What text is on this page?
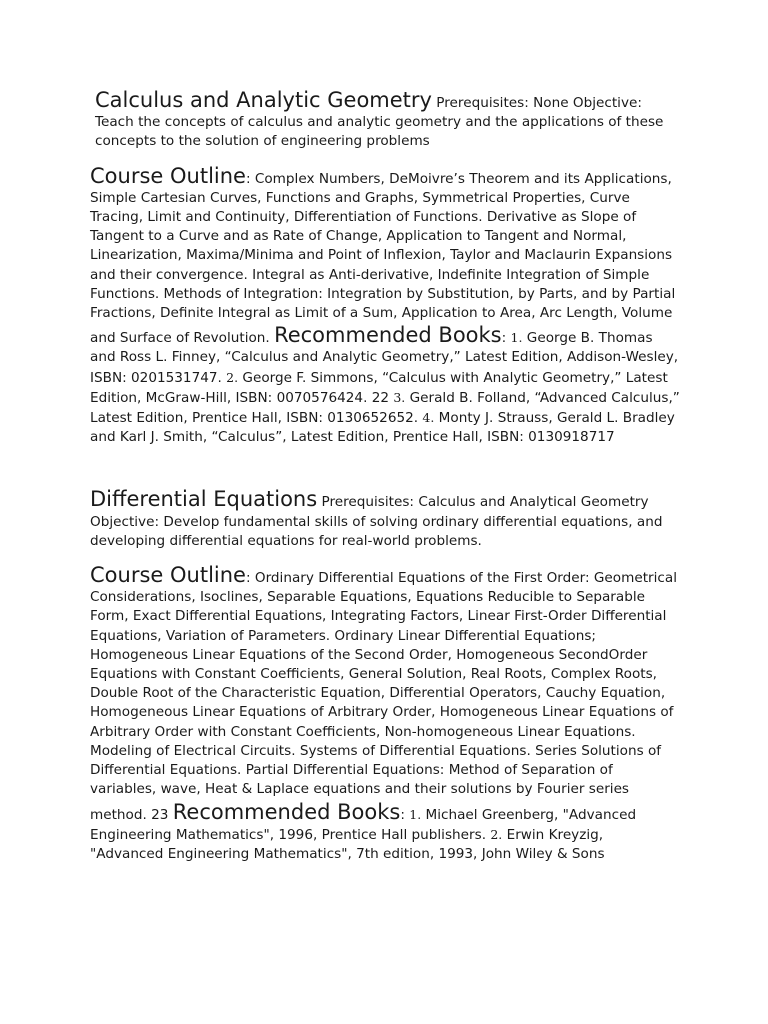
Calculus and Analytic Geometry Prerequisites: None Objective: Teach the concepts of calculus and analytic geometry and the applications of these concepts to the solution of engineering problems

Course Outline: Complex Numbers, DeMoivre’s Theorem and its Applications, Simple Cartesian Curves, Functions and Graphs, Symmetrical Properties, Curve Tracing, Limit and Continuity, Differentiation of Functions. Derivative as Slope of Tangent to a Curve and as Rate of Change, Application to Tangent and Normal, Linearization, Maxima/Minima and Point of Inflexion, Taylor and Maclaurin Expansions and their convergence. Integral as Anti-derivative, Indefinite Integration of Simple Functions. Methods of Integration: Integration by Substitution, by Parts, and by Partial Fractions, Definite Integral as Limit of a Sum, Application to Area, Arc Length, Volume and Surface of Revolution. Recommended Books: 1. George B. Thomas and Ross L. Finney, “Calculus and Analytic Geometry,” Latest Edition, Addison-Wesley, ISBN: 0201531747. 2. George F. Simmons, “Calculus with Analytic Geometry,” Latest Edition, McGraw-Hill, ISBN: 0070576424. 22 3. Gerald B. Folland, “Advanced Calculus,” Latest Edition, Prentice Hall, ISBN: 0130652652. 4. Monty J. Strauss, Gerald L. Bradley and Karl J. Smith, “Calculus”, Latest Edition, Prentice Hall, ISBN: 0130918717

Differential Equations Prerequisites: Calculus and Analytical Geometry Objective: Develop fundamental skills of solving ordinary differential equations, and developing differential equations for real-world problems.

Course Outline: Ordinary Differential Equations of the First Order: Geometrical Considerations, Isoclines, Separable Equations, Equations Reducible to Separable Form, Exact Differential Equations, Integrating Factors, Linear First-Order Differential Equations, Variation of Parameters. Ordinary Linear Differential Equations; Homogeneous Linear Equations of the Second Order, Homogeneous SecondOrder Equations with Constant Coefficients, General Solution, Real Roots, Complex Roots, Double Root of the Characteristic Equation, Differential Operators, Cauchy Equation, Homogeneous Linear Equations of Arbitrary Order, Homogeneous Linear Equations of Arbitrary Order with Constant Coefficients, Non-homogeneous Linear Equations. Modeling of Electrical Circuits. Systems of Differential Equations. Series Solutions of Differential Equations. Partial Differential Equations: Method of Separation of variables, wave, Heat & Laplace equations and their solutions by Fourier series method. 23 Recommended Books: 1. Michael Greenberg, "Advanced Engineering Mathematics", 1996, Prentice Hall publishers. 2. Erwin Kreyzig, "Advanced Engineering Mathematics", 7th edition, 1993, John Wiley & Sons
